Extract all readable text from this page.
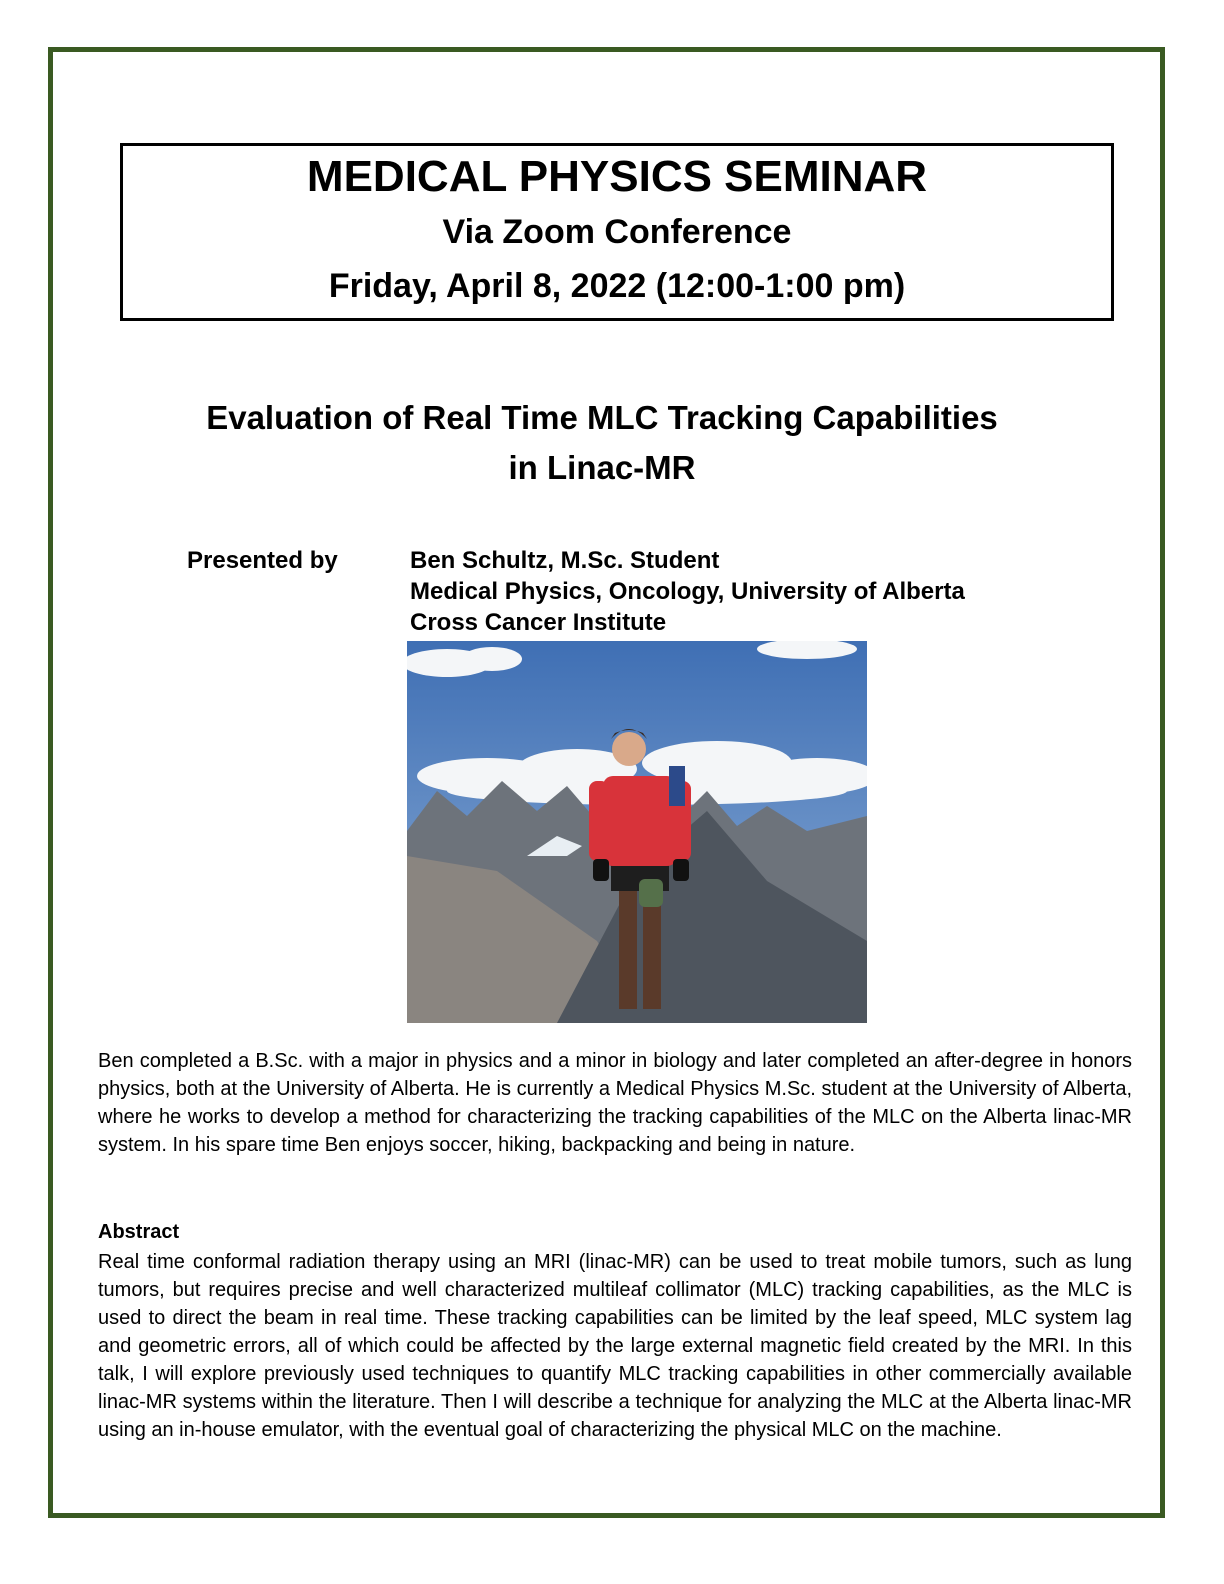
MEDICAL PHYSICS SEMINAR
Via Zoom Conference
Friday, April 8, 2022 (12:00-1:00 pm)
Evaluation of Real Time MLC Tracking Capabilities
in Linac-MR
Presented by	Ben Schultz, M.Sc. Student
Medical Physics, Oncology, University of Alberta
Cross Cancer Institute
Ben completed a B.Sc. with a major in physics and a minor in biology and later completed an after-degree in honors physics, both at the University of Alberta. He is currently a Medical Physics M.Sc. student at the University of Alberta, where he works to develop a method for characterizing the tracking capabilities of the MLC on the Alberta linac-MR system. In his spare time Ben enjoys soccer, hiking, backpacking and being in nature.
Abstract
Real time conformal radiation therapy using an MRI (linac-MR) can be used to treat mobile tumors, such as lung tumors, but requires precise and well characterized multileaf collimator (MLC) tracking capabilities, as the MLC is used to direct the beam in real time. These tracking capabilities can be limited by the leaf speed, MLC system lag and geometric errors, all of which could be affected by the large external magnetic field created by the MRI. In this talk, I will explore previously used techniques to quantify MLC tracking capabilities in other commercially available linac-MR systems within the literature. Then I will describe a technique for analyzing the MLC at the Alberta linac-MR using an in-house emulator, with the eventual goal of characterizing the physical MLC on the machine.
